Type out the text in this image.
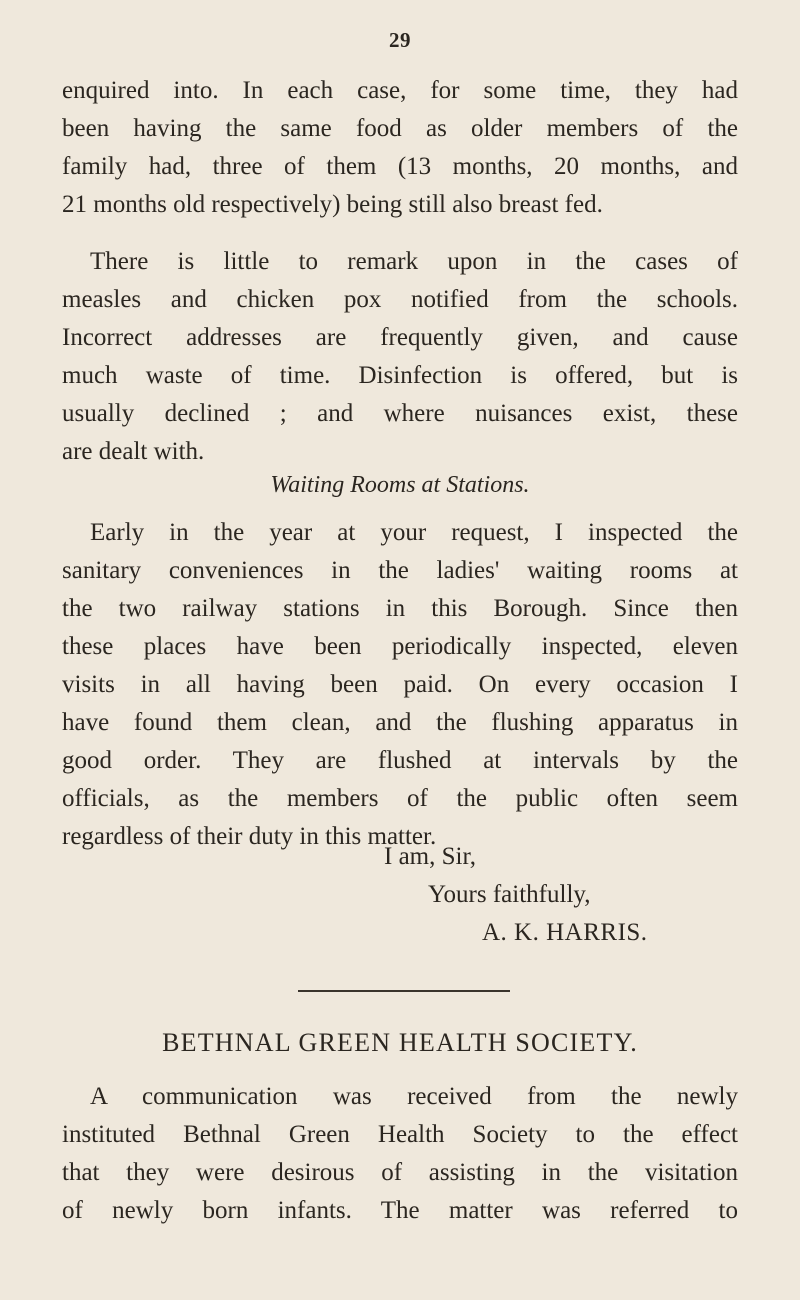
29
enquired into. In each case, for some time, they had
been having the same food as older members of the
family had, three of them (13 months, 20 months, and
21 months old respectively) being still also breast fed.
There is little to remark upon in the cases of
measles and chicken pox notified from the schools.
Incorrect addresses are frequently given, and cause
much waste of time. Disinfection is offered, but is
usually declined ; and where nuisances exist, these
are dealt with.
Waiting Rooms at Stations.
Early in the year at your request, I inspected the
sanitary conveniences in the ladies' waiting rooms at
the two railway stations in this Borough. Since then
these places have been periodically inspected, eleven
visits in all having been paid. On every occasion I
have found them clean, and the flushing apparatus in
good order. They are flushed at intervals by the
officials, as the members of the public often seem
regardless of their duty in this matter.
I am, Sir,
Yours faithfully,
A. K. HARRIS.
BETHNAL GREEN HEALTH SOCIETY.
A communication was received from the newly
instituted Bethnal Green Health Society to the effect
that they were desirous of assisting in the visitation
of newly born infants. The matter was referred to
